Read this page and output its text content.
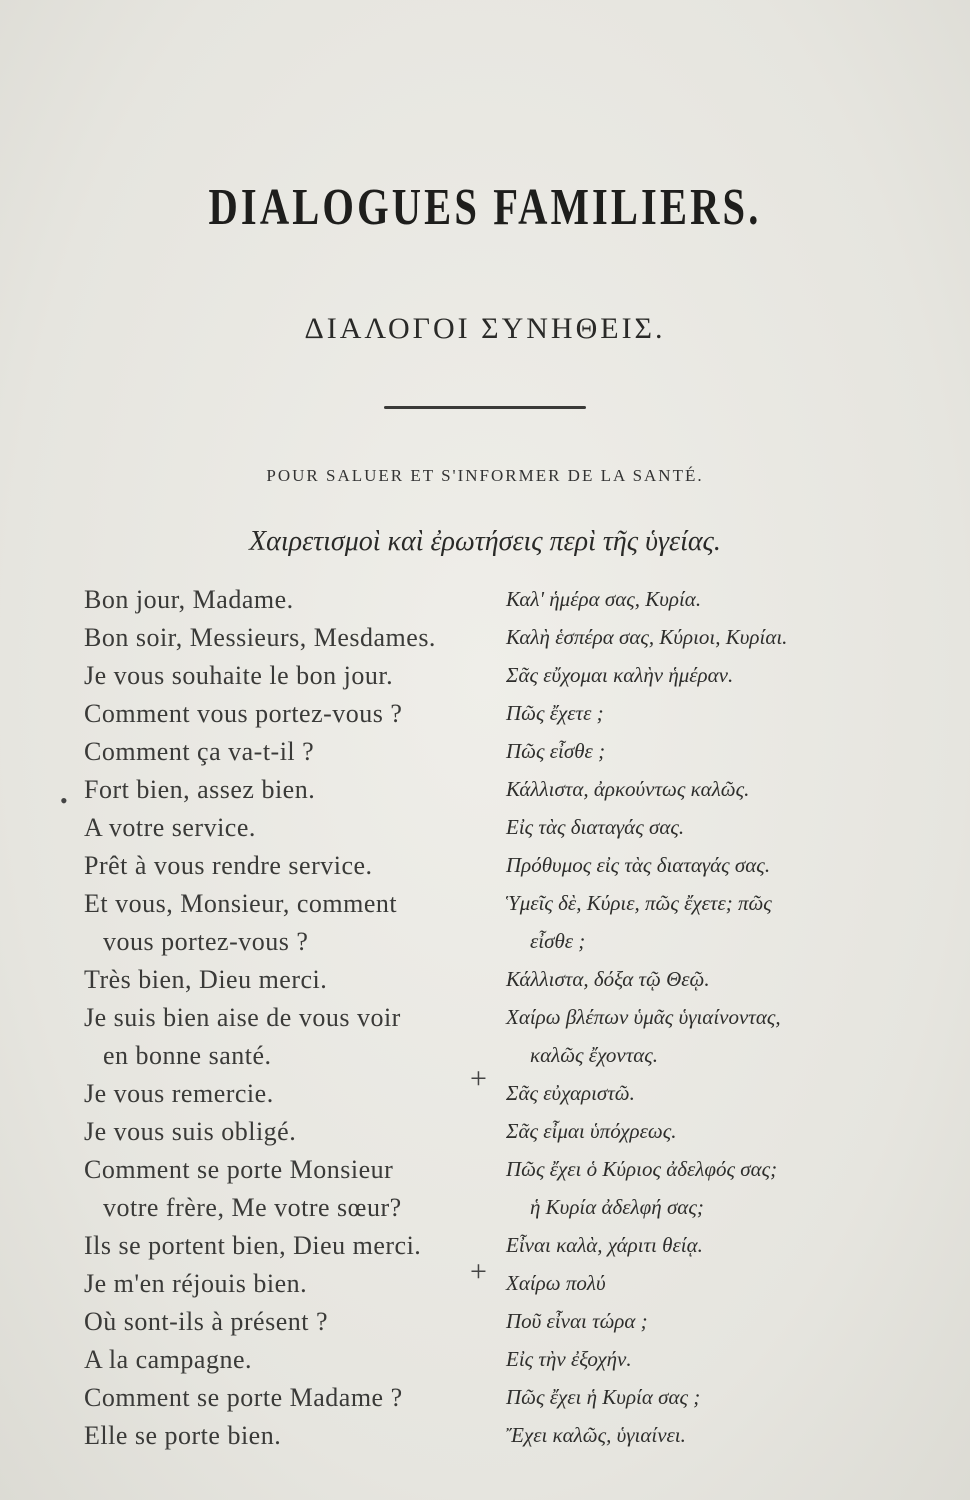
DIALOGUES FAMILIERS.
ΔΙΑΛΟΓΟΙ ΣΥΝΗΘΕΙΣ.
POUR SALUER ET S'INFORMER DE LA SANTÉ.
Χαιρετισμοὶ καὶ ἐρωτήσεις περὶ τῆς ὑγείας.
Bon jour, Madame.	Καλ' ἡμέρα σας, Κυρία.
Bon soir, Messieurs, Mesdames.	Καλὴ ἑσπέρα σας, Κύριοι, Κυρίαι.
Je vous souhaite le bon jour.	Σᾶς εὔχομαι καλὴν ἡμέραν.
Comment vous portez-vous ?	Πῶς ἔχετε ;
Comment ça va-t-il ?	Πῶς εἶσθε ;
Fort bien, assez bien.	Κάλλιστα, ἀρκούντως καλῶς.
A votre service.	Εἰς τὰς διαταγάς σας.
Prêt à vous rendre service.	Πρόθυμος εἰς τὰς διαταγάς σας.
Et vous, Monsieur, comment	Ὑμεῖς δὲ, Κύριε, πῶς ἔχετε; πῶς
vous portez-vous ?	εἶσθε ;
Très bien, Dieu merci.	Κάλλιστα, δόξα τῷ Θεῷ.
Je suis bien aise de vous voir	Χαίρω βλέπων ὑμᾶς ὑγιαίνοντας,
en bonne santé.	καλῶς ἔχοντας.
Je vous remercie.	Σᾶς εὐχαριστῶ.
Je vous suis obligé.	Σᾶς εἶμαι ὑπόχρεως.
Comment se porte Monsieur	Πῶς ἔχει ὁ Κύριος ἀδελφός σας;
votre frère, Me votre sœur?	ἡ Κυρία ἀδελφή σας;
Ils se portent bien, Dieu merci.	Εἶναι καλὰ, χάριτι θείᾳ.
Je m'en réjouis bien.	Χαίρω πολύ
Où sont-ils à présent ?	Ποῦ εἶναι τώρα ;
A la campagne.	Εἰς τὴν ἐξοχήν.
Comment se porte Madame ?	Πῶς ἔχει ἡ Κυρία σας ;
Elle se porte bien.	Ἔχει καλῶς, ὑγιαίνει.
+
+
•
